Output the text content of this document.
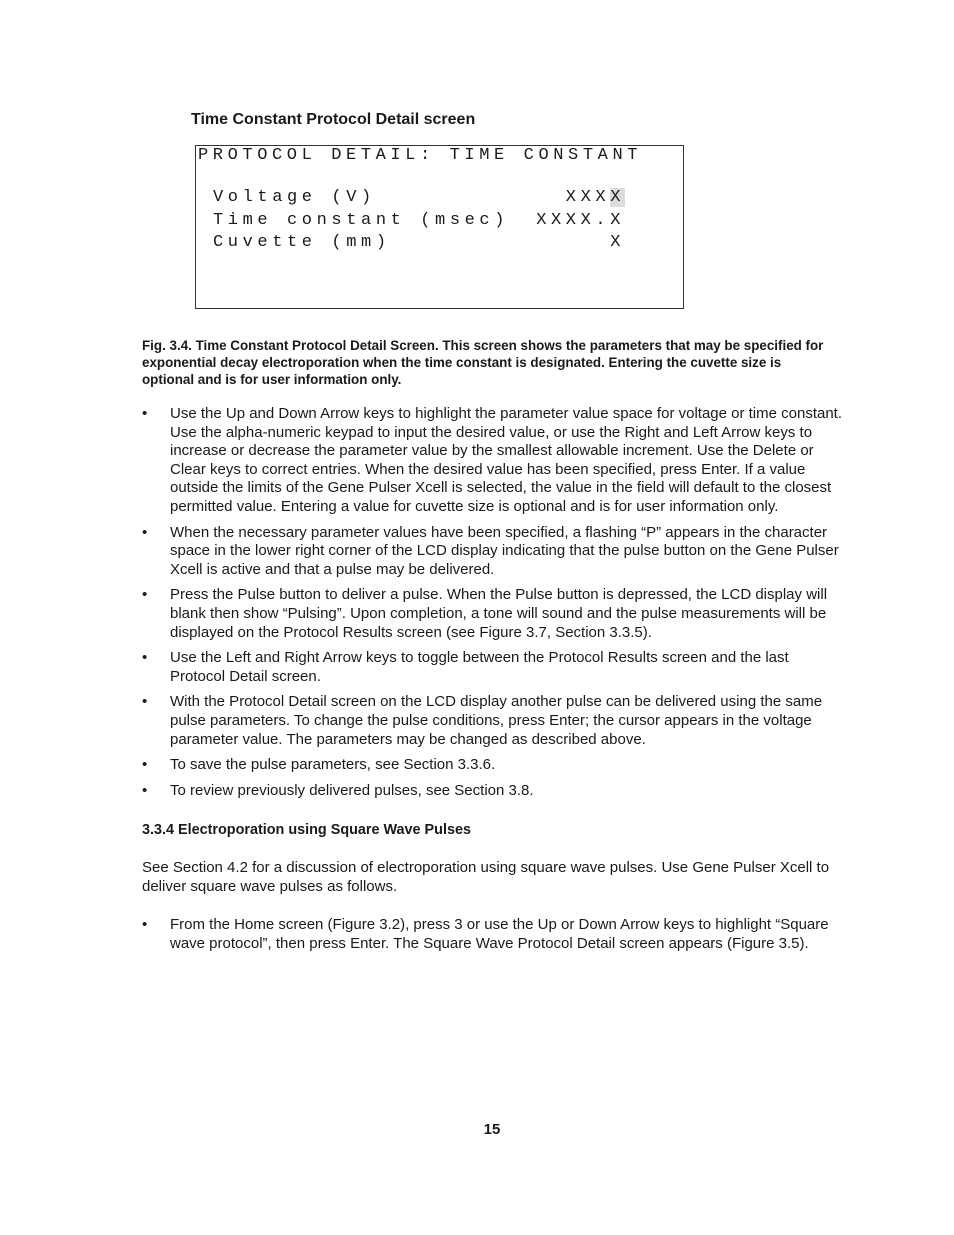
Time Constant Protocol Detail screen
PROTOCOL DETAIL: TIME CONSTANT
Voltage (V)	XXXX
Time constant (msec) XXXX.X
Cuvette (mm)	X
Fig. 3.4. Time Constant Protocol Detail Screen. This screen shows the parameters that may be specified for exponential decay electroporation when the time constant is designated. Entering the cuvette size is optional and is for user information only.
• Use the Up and Down Arrow keys to highlight the parameter value space for voltage or time constant. Use the alpha-numeric keypad to input the desired value, or use the Right and Left Arrow keys to increase or decrease the parameter value by the smallest allowable increment. Use the Delete or Clear keys to correct entries. When the desired value has been specified, press Enter. If a value outside the limits of the Gene Pulser Xcell is selected, the value in the field will default to the closest permitted value. Entering a value for cuvette size is optional and is for user information only.
• When the necessary parameter values have been specified, a flashing “P” appears in the character space in the lower right corner of the LCD display indicating that the pulse button on the Gene Pulser Xcell is active and that a pulse may be delivered.
• Press the Pulse button to deliver a pulse. When the Pulse button is depressed, the LCD display will blank then show “Pulsing”. Upon completion, a tone will sound and the pulse measurements will be displayed on the Protocol Results screen (see Figure 3.7, Section 3.3.5).
• Use the Left and Right Arrow keys to toggle between the Protocol Results screen and the last Protocol Detail screen.
• With the Protocol Detail screen on the LCD display another pulse can be delivered using the same pulse parameters. To change the pulse conditions, press Enter; the cursor appears in the voltage parameter value. The parameters may be changed as described above.
• To save the pulse parameters, see Section 3.3.6.
• To review previously delivered pulses, see Section 3.8.
3.3.4 Electroporation using Square Wave Pulses
See Section 4.2 for a discussion of electroporation using square wave pulses. Use Gene Pulser Xcell to deliver square wave pulses as follows.
• From the Home screen (Figure 3.2), press 3 or use the Up or Down Arrow keys to highlight “Square wave protocol”, then press Enter. The Square Wave Protocol Detail screen appears (Figure 3.5).
15
